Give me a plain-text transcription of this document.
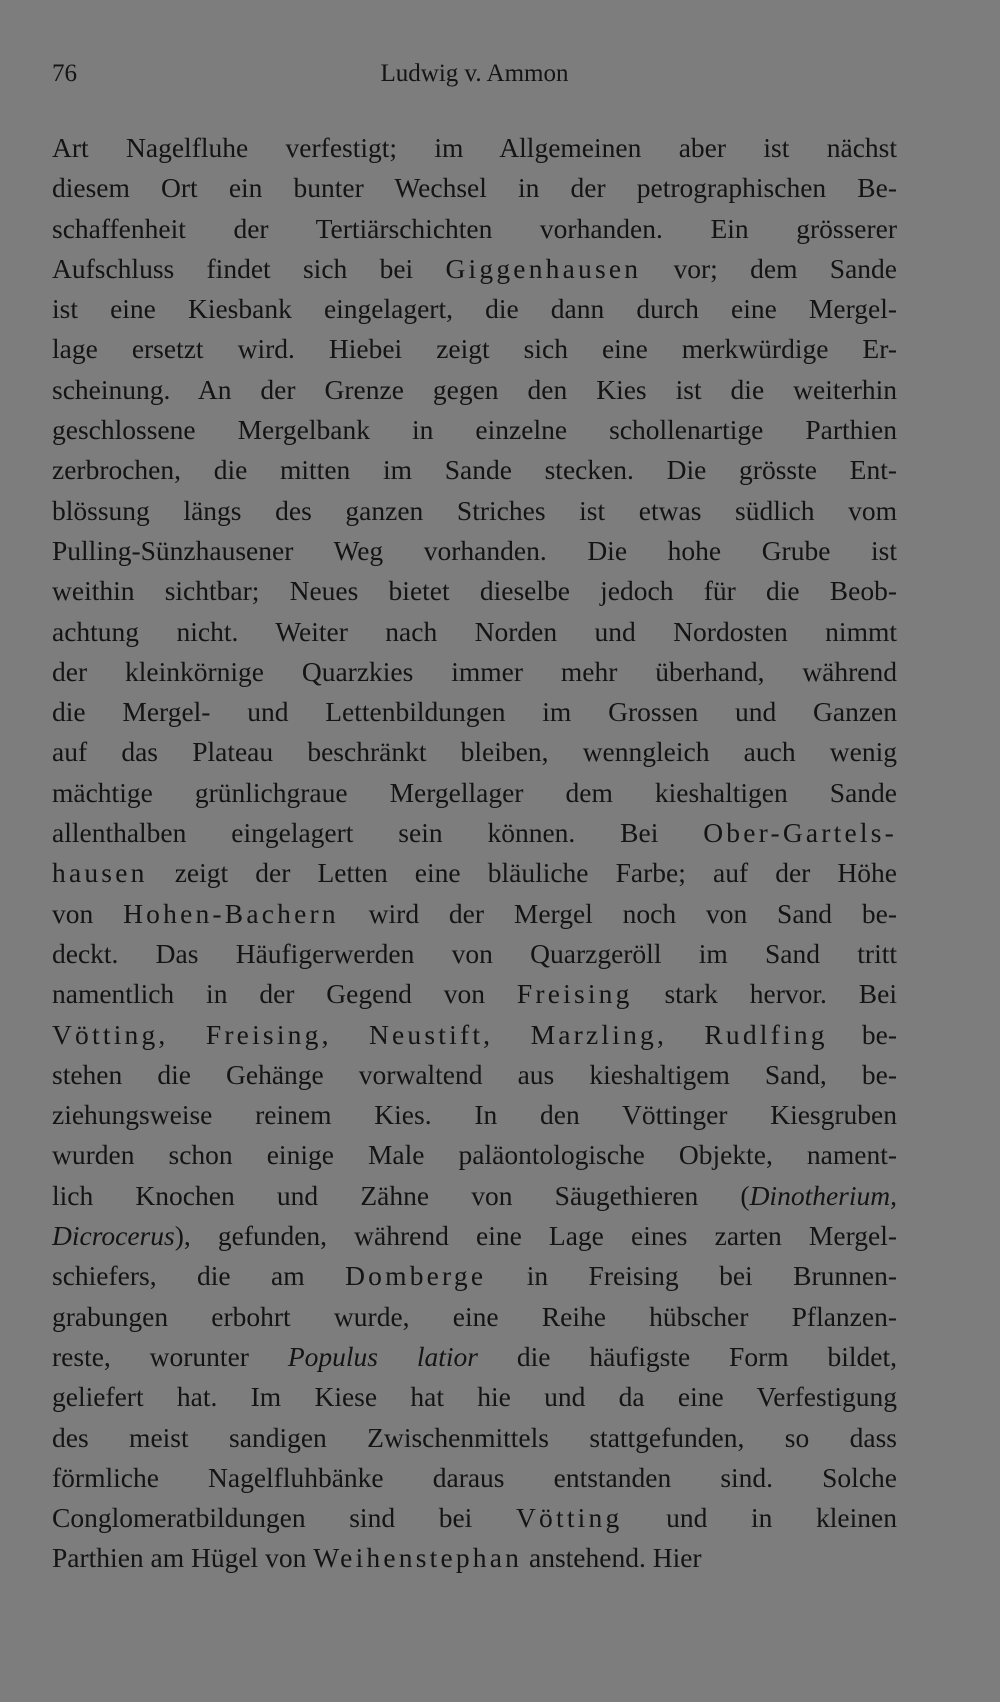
76	Ludwig v. Ammon
Art Nagelfluhe verfestigt; im Allgemeinen aber ist nächst
diesem Ort ein bunter Wechsel in der petrographischen Be-
schaffenheit der Tertiärschichten vorhanden. Ein grösserer
Aufschluss findet sich bei Giggenhausen vor; dem Sande
ist eine Kiesbank eingelagert, die dann durch eine Mergel-
lage ersetzt wird. Hiebei zeigt sich eine merkwürdige Er-
scheinung. An der Grenze gegen den Kies ist die weiterhin
geschlossene Mergelbank in einzelne schollenartige Parthien
zerbrochen, die mitten im Sande stecken. Die grösste Ent-
blössung längs des ganzen Striches ist etwas südlich vom
Pulling-Sünzhausener Weg vorhanden. Die hohe Grube ist
weithin sichtbar; Neues bietet dieselbe jedoch für die Beob-
achtung nicht. Weiter nach Norden und Nordosten nimmt
der kleinkörnige Quarzkies immer mehr überhand, während
die Mergel- und Lettenbildungen im Grossen und Ganzen
auf das Plateau beschränkt bleiben, wenngleich auch wenig
mächtige grünlichgraue Mergellager dem kieshaltigen Sande
allenthalben eingelagert sein können. Bei Ober-Gartels-
hausen zeigt der Letten eine bläuliche Farbe; auf der Höhe
von Hohen-Bachern wird der Mergel noch von Sand be-
deckt. Das Häufigerwerden von Quarzgeröll im Sand tritt
namentlich in der Gegend von Freising stark hervor. Bei
Vötting, Freising, Neustift, Marzling, Rudlfing be-
stehen die Gehänge vorwaltend aus kieshaltigem Sand, be-
ziehungsweise reinem Kies. In den Vöttinger Kiesgruben
wurden schon einige Male paläontologische Objekte, nament-
lich Knochen und Zähne von Säugethieren (Dinotherium,
Dicrocerus), gefunden, während eine Lage eines zarten Mergel-
schiefers, die am Domberge in Freising bei Brunnen-
grabungen erbohrt wurde, eine Reihe hübscher Pflanzen-
reste, worunter Populus latior die häufigste Form bildet,
geliefert hat. Im Kiese hat hie und da eine Verfestigung
des meist sandigen Zwischenmittels stattgefunden, so dass
förmliche Nagelfluhbänke daraus entstanden sind. Solche
Conglomeratbildungen sind bei Vötting und in kleinen
Parthien am Hügel von Weihenstephan anstehend. Hier
